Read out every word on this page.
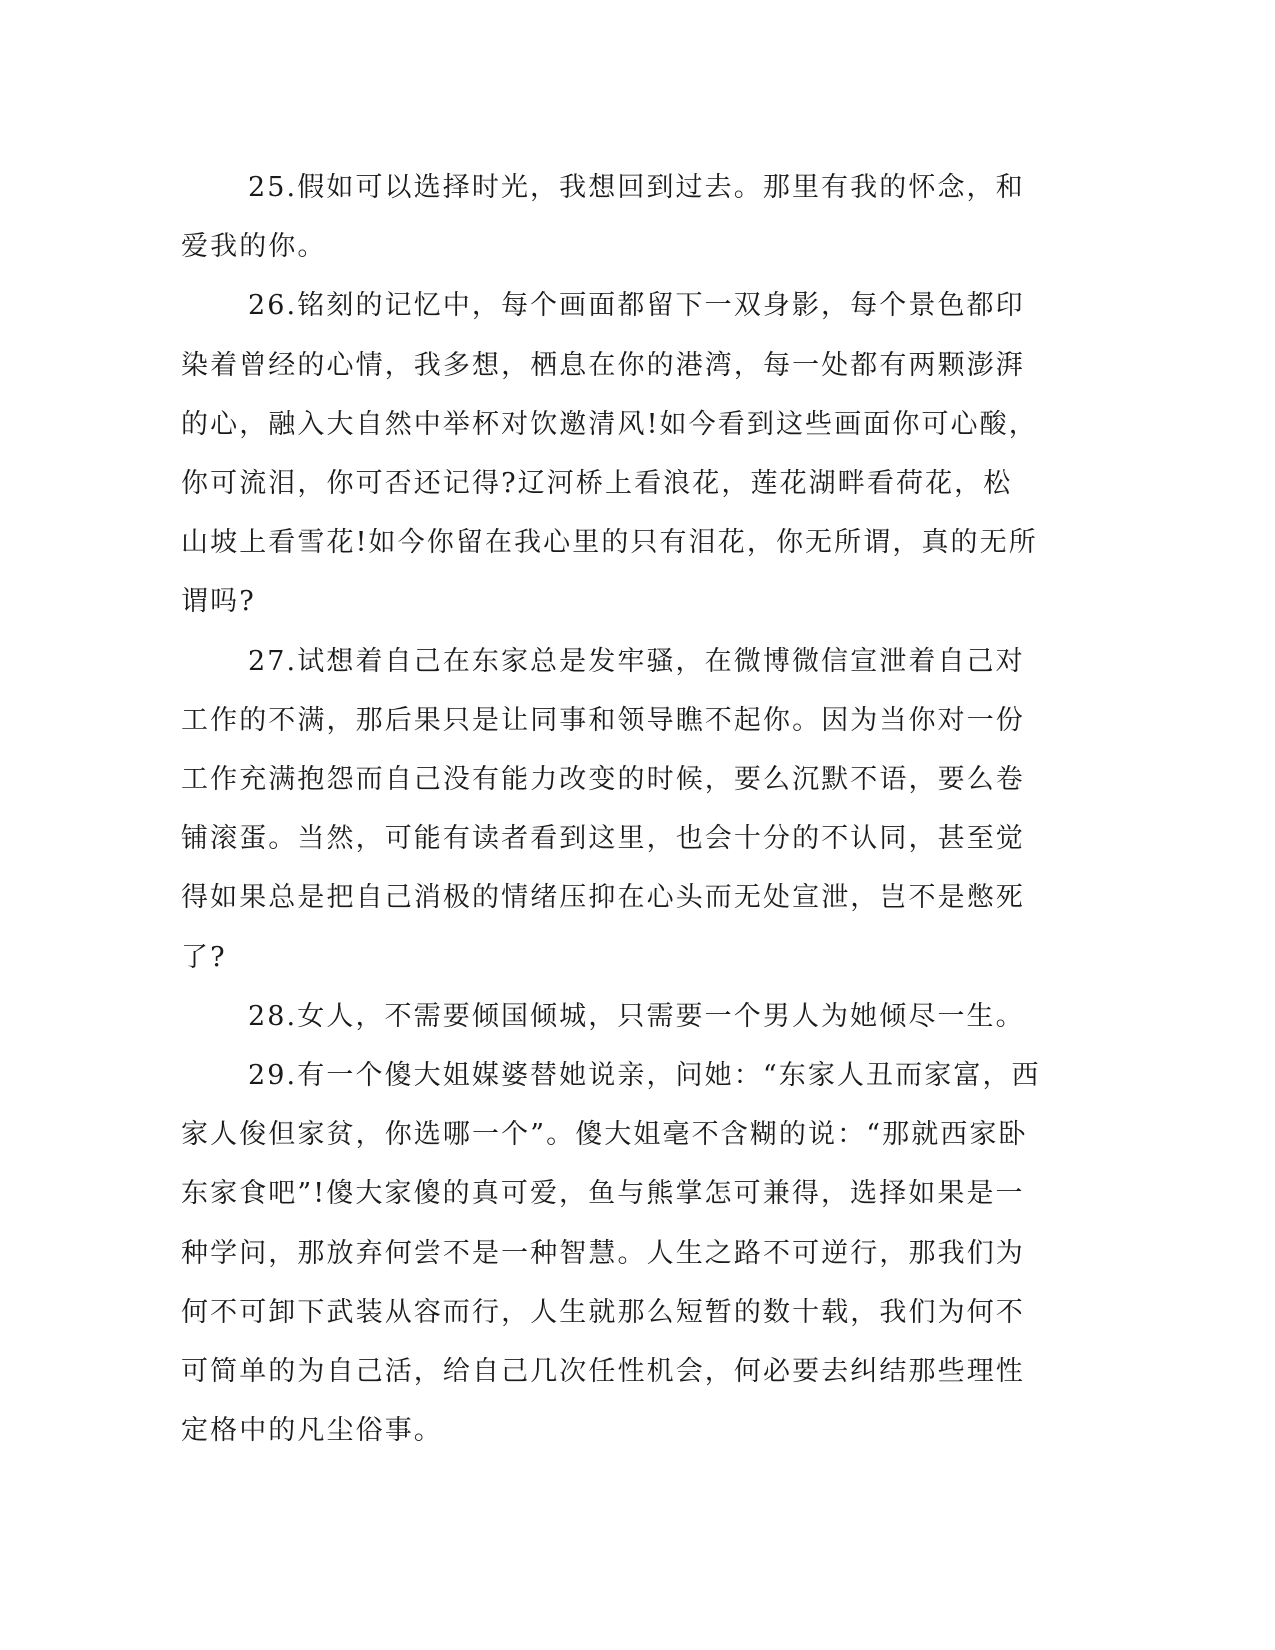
25.假如可以选择时光，我想回到过去。那里有我的怀念，和爱我的你。

26.铭刻的记忆中，每个画面都留下一双身影，每个景色都印染着曾经的心情，我多想，栖息在你的港湾，每一处都有两颗澎湃的心，融入大自然中举杯对饮邀清风!如今看到这些画面你可心酸，你可流泪，你可否还记得?辽河桥上看浪花，莲花湖畔看荷花，松山坡上看雪花!如今你留在我心里的只有泪花，你无所谓，真的无所谓吗?

27.试想着自己在东家总是发牢骚，在微博微信宣泄着自己对工作的不满，那后果只是让同事和领导瞧不起你。因为当你对一份工作充满抱怨而自己没有能力改变的时候，要么沉默不语，要么卷铺滚蛋。当然，可能有读者看到这里，也会十分的不认同，甚至觉得如果总是把自己消极的情绪压抑在心头而无处宣泄，岂不是憋死了?

28.女人，不需要倾国倾城，只需要一个男人为她倾尽一生。

29.有一个傻大姐媒婆替她说亲，问她：“东家人丑而家富，西家人俊但家贫，你选哪一个”。傻大姐毫不含糊的说：“那就西家卧东家食吧”!傻大家傻的真可爱，鱼与熊掌怎可兼得，选择如果是一种学问，那放弃何尝不是一种智慧。人生之路不可逆行，那我们为何不可卸下武装从容而行，人生就那么短暂的数十载，我们为何不可简单的为自己活，给自己几次任性机会，何必要去纠结那些理性定格中的凡尘俗事。
